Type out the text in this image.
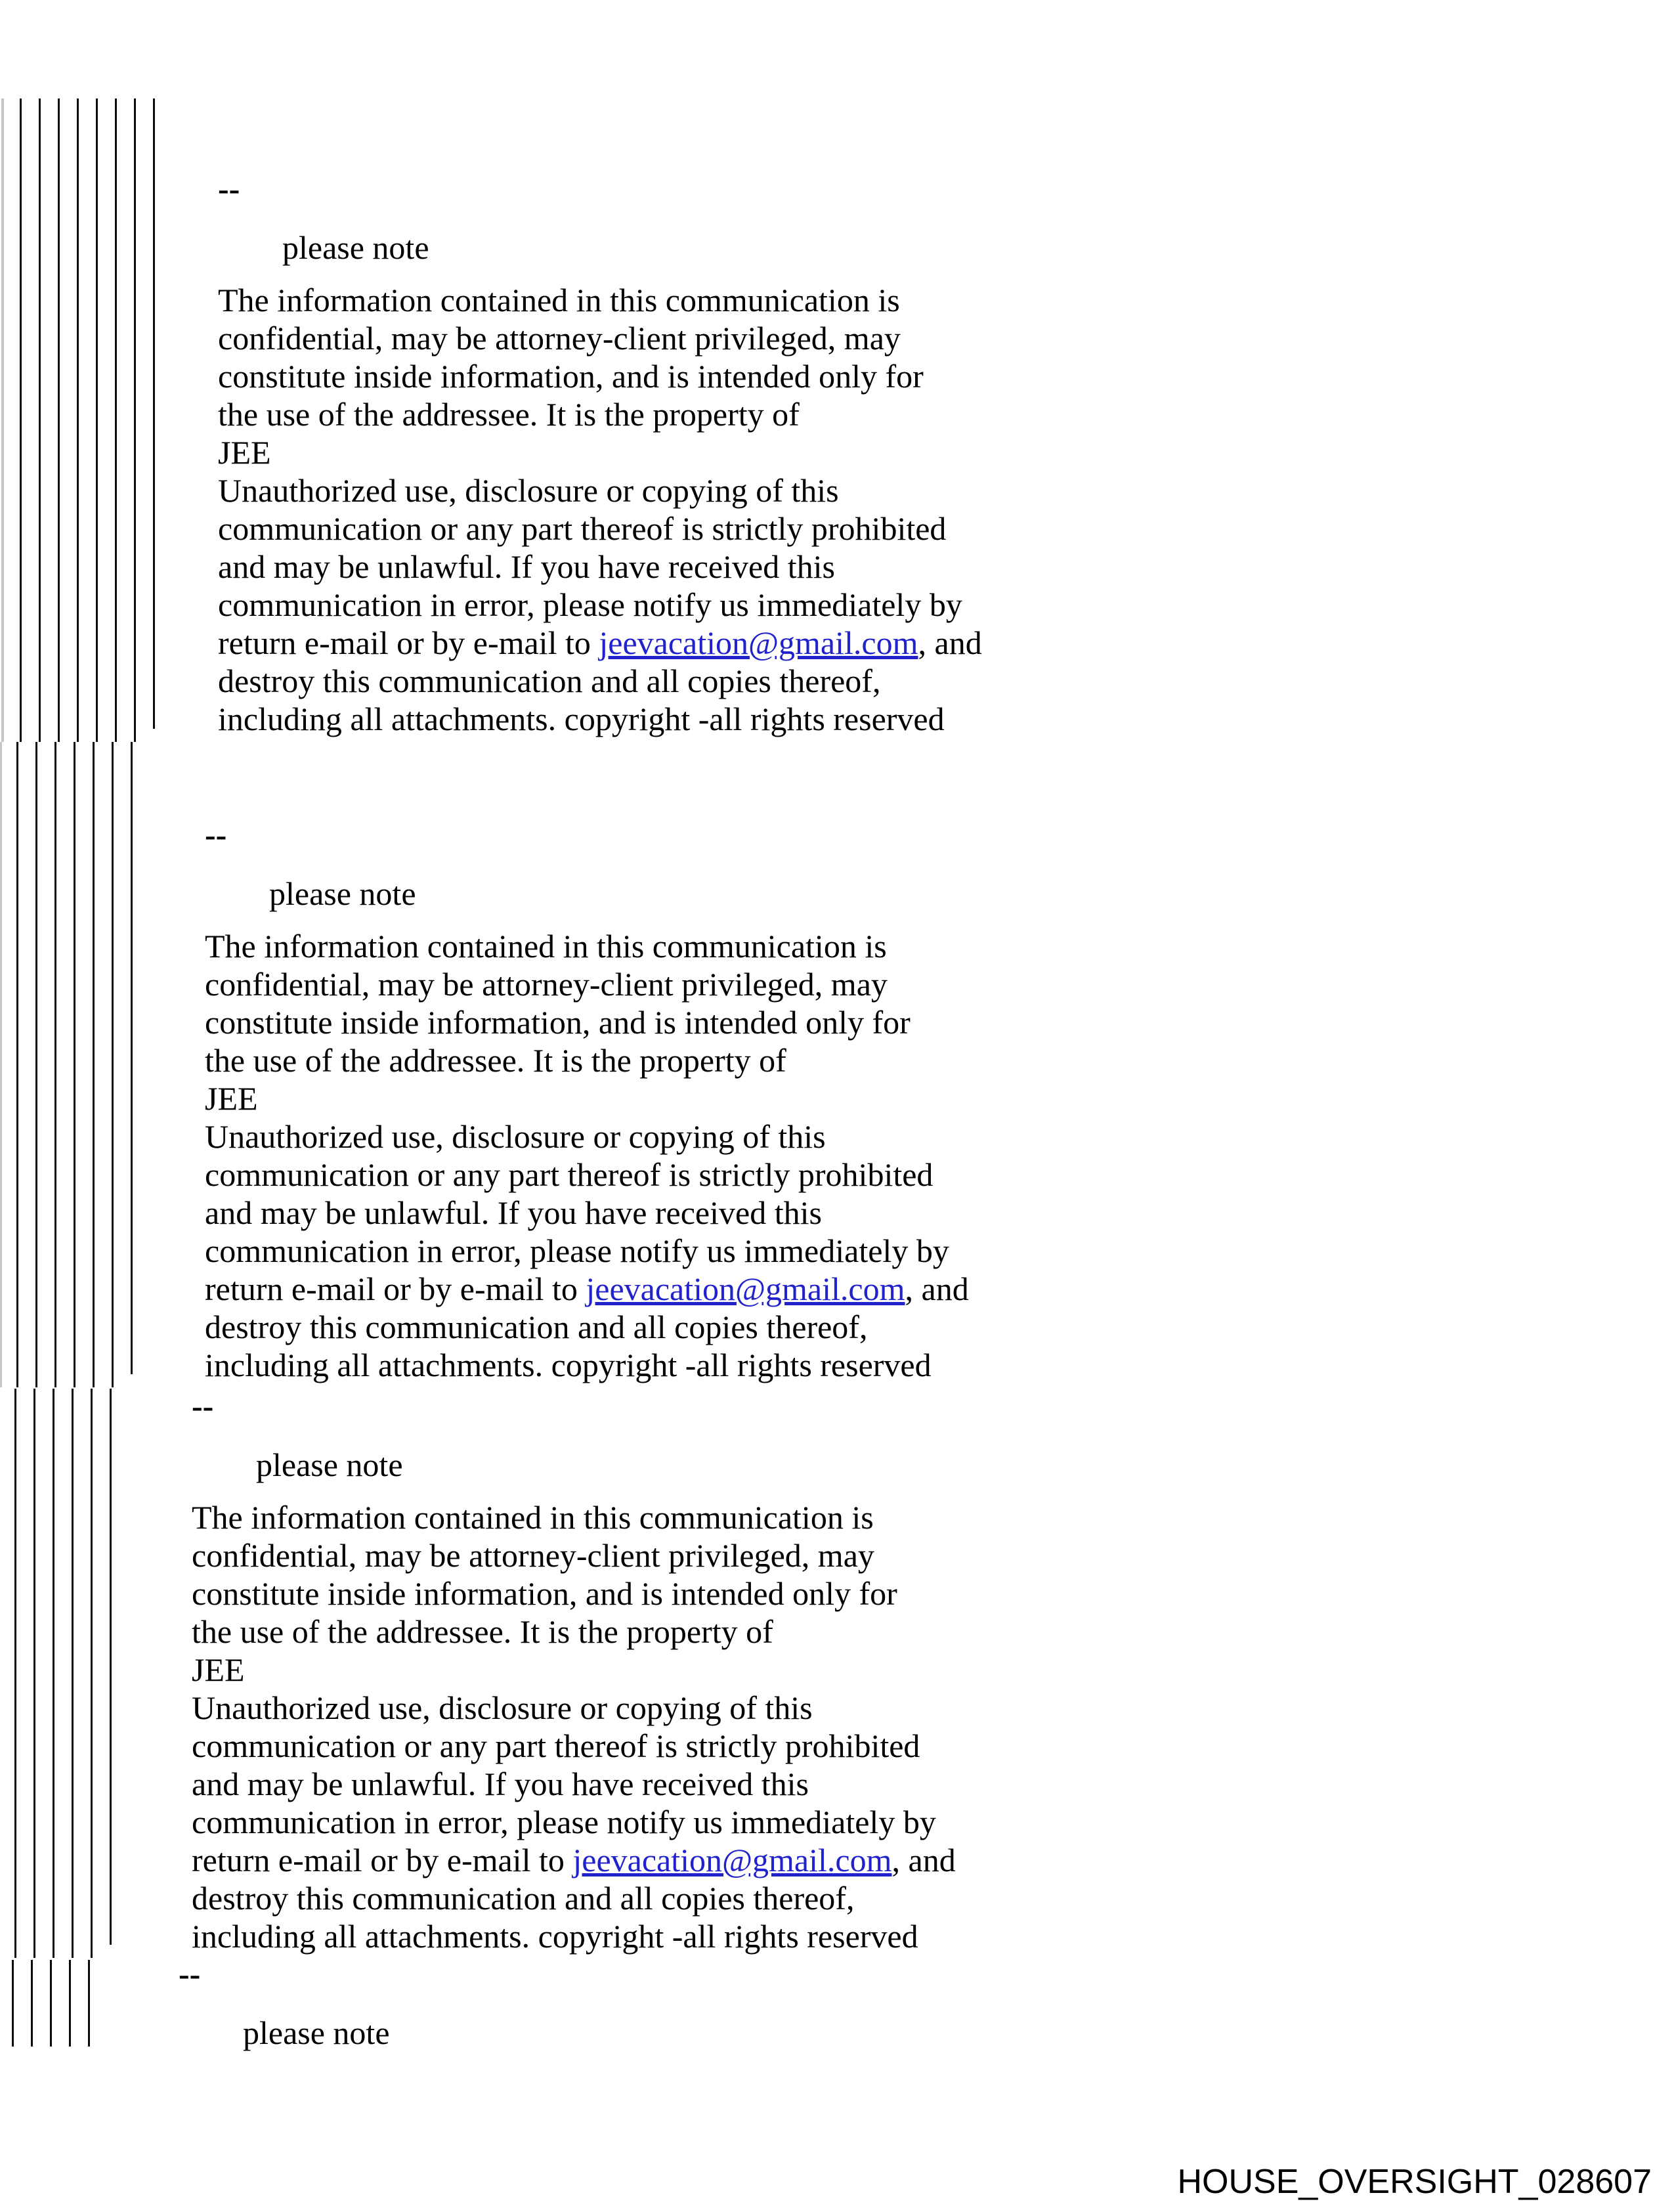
--
please note
The information contained in this communication is
confidential, may be attorney-client privileged, may
constitute inside information, and is intended only for
the use of the addressee. It is the property of
JEE
Unauthorized use, disclosure or copying of this
communication or any part thereof is strictly prohibited
and may be unlawful. If you have received this
communication in error, please notify us immediately by
return e-mail or by e-mail to jeevacation@gmail.com, and
destroy this communication and all copies thereof,
including all attachments. copyright -all rights reserved
--
please note
The information contained in this communication is
confidential, may be attorney-client privileged, may
constitute inside information, and is intended only for
the use of the addressee. It is the property of
JEE
Unauthorized use, disclosure or copying of this
communication or any part thereof is strictly prohibited
and may be unlawful. If you have received this
communication in error, please notify us immediately by
return e-mail or by e-mail to jeevacation@gmail.com, and
destroy this communication and all copies thereof,
including all attachments. copyright -all rights reserved
--
please note
The information contained in this communication is
confidential, may be attorney-client privileged, may
constitute inside information, and is intended only for
the use of the addressee. It is the property of
JEE
Unauthorized use, disclosure or copying of this
communication or any part thereof is strictly prohibited
and may be unlawful. If you have received this
communication in error, please notify us immediately by
return e-mail or by e-mail to jeevacation@gmail.com, and
destroy this communication and all copies thereof,
including all attachments. copyright -all rights reserved
--
please note
HOUSE_OVERSIGHT_028607
